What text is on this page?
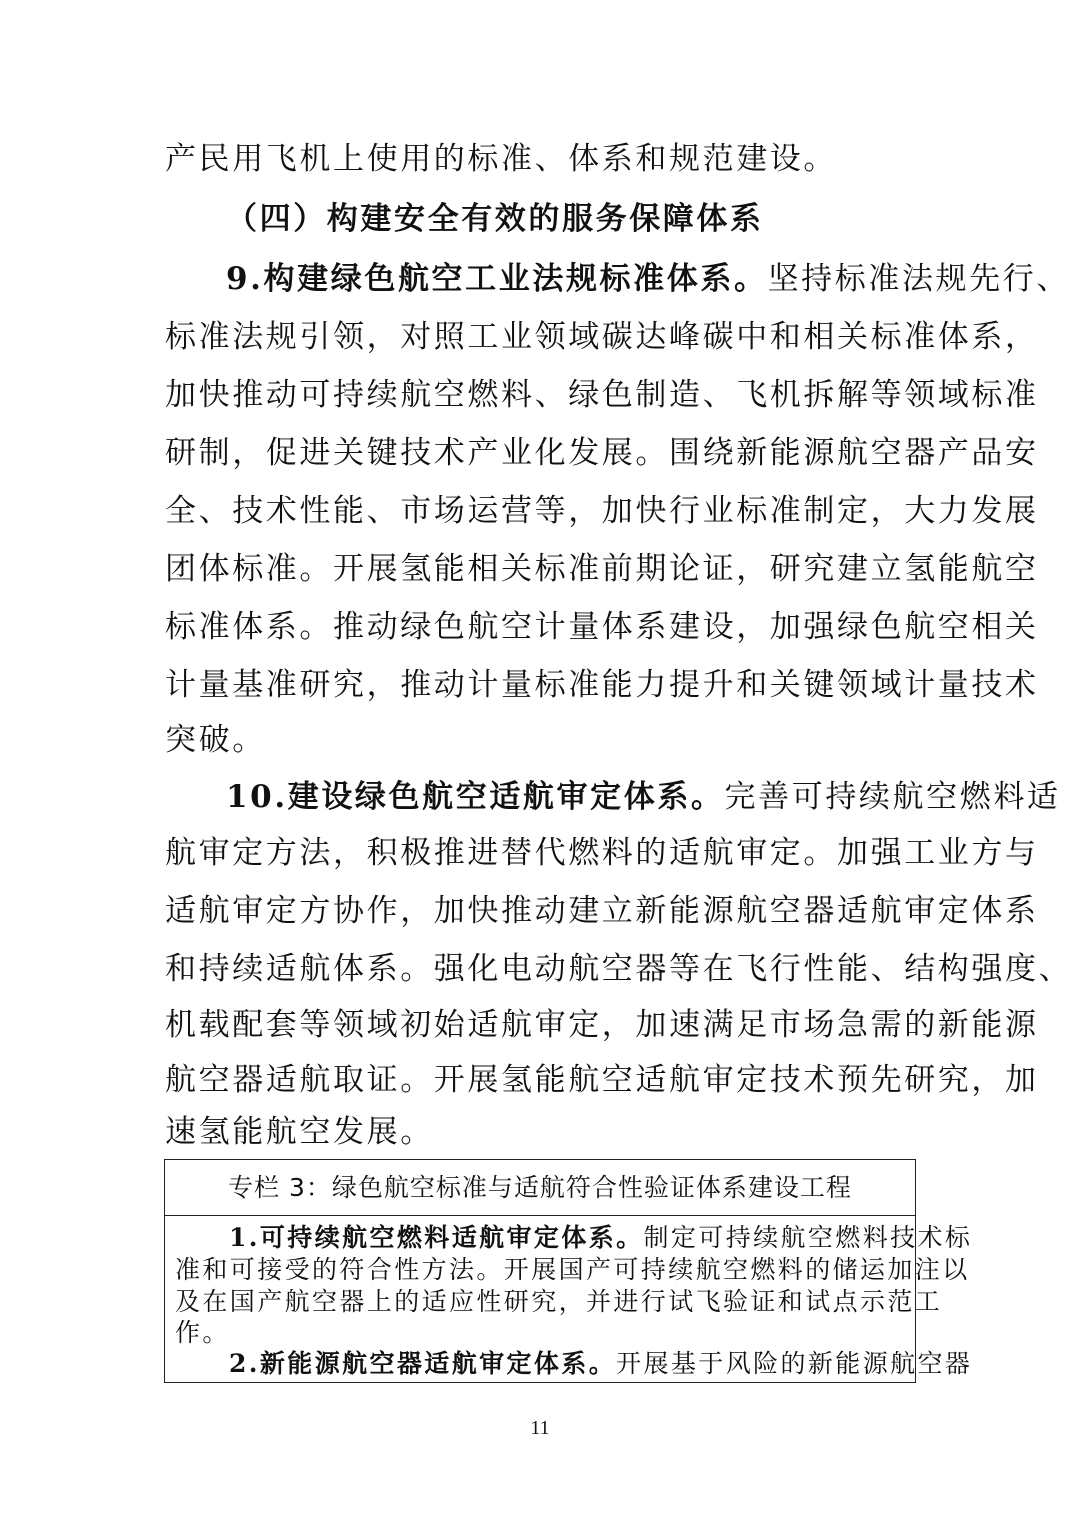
产民用飞机上使用的标准、体系和规范建设。
（四）构建安全有效的服务保障体系
9.构建绿色航空工业法规标准体系。坚持标准法规先行、
标准法规引领，对照工业领域碳达峰碳中和相关标准体系，
加快推动可持续航空燃料、绿色制造、飞机拆解等领域标准
研制，促进关键技术产业化发展。围绕新能源航空器产品安
全、技术性能、市场运营等，加快行业标准制定，大力发展
团体标准。开展氢能相关标准前期论证，研究建立氢能航空
标准体系。推动绿色航空计量体系建设，加强绿色航空相关
计量基准研究，推动计量标准能力提升和关键领域计量技术
突破。
10.建设绿色航空适航审定体系。完善可持续航空燃料适
航审定方法，积极推进替代燃料的适航审定。加强工业方与
适航审定方协作，加快推动建立新能源航空器适航审定体系
和持续适航体系。强化电动航空器等在飞行性能、结构强度、
机载配套等领域初始适航审定，加速满足市场急需的新能源
航空器适航取证。开展氢能航空适航审定技术预先研究，加
速氢能航空发展。
专栏 3：绿色航空标准与适航符合性验证体系建设工程
1.可持续航空燃料适航审定体系。制定可持续航空燃料技术标
准和可接受的符合性方法。开展国产可持续航空燃料的储运加注以
及在国产航空器上的适应性研究，并进行试飞验证和试点示范工
作。
2.新能源航空器适航审定体系。开展基于风险的新能源航空器
11
